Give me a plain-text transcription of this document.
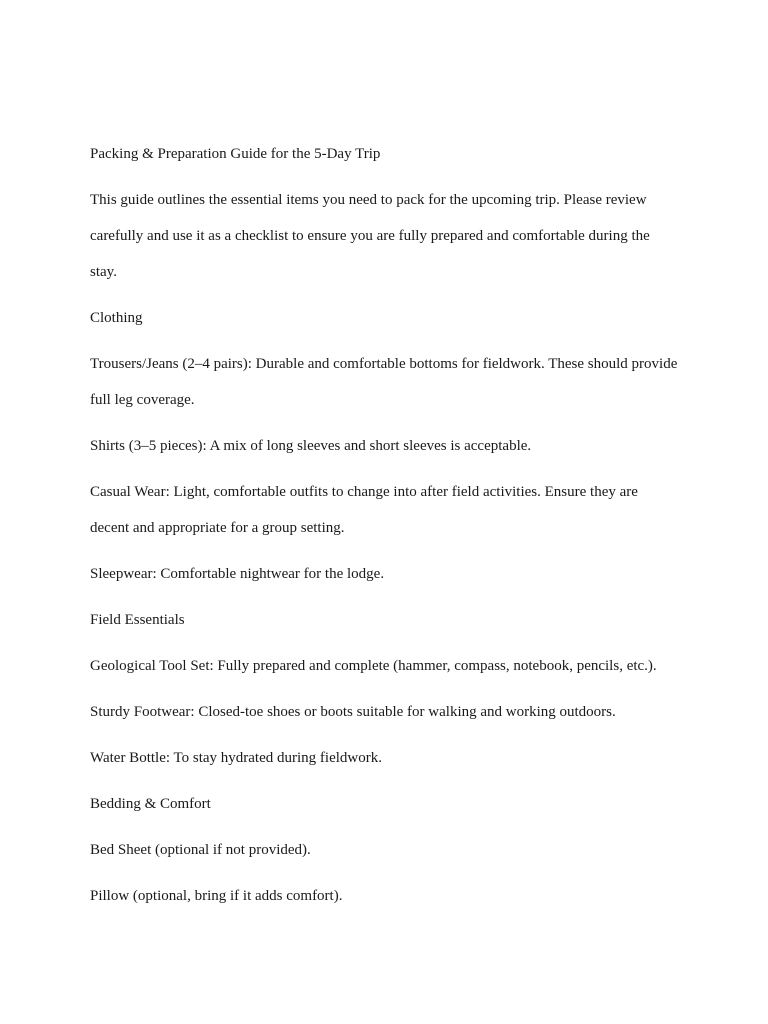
Packing & Preparation Guide for the 5-Day Trip

This guide outlines the essential items you need to pack for the upcoming trip. Please review carefully and use it as a checklist to ensure you are fully prepared and comfortable during the stay.

Clothing

Trousers/Jeans (2–4 pairs): Durable and comfortable bottoms for fieldwork. These should provide full leg coverage.

Shirts (3–5 pieces): A mix of long sleeves and short sleeves is acceptable.

Casual Wear: Light, comfortable outfits to change into after field activities. Ensure they are decent and appropriate for a group setting.

Sleepwear: Comfortable nightwear for the lodge.

Field Essentials

Geological Tool Set: Fully prepared and complete (hammer, compass, notebook, pencils, etc.).

Sturdy Footwear: Closed-toe shoes or boots suitable for walking and working outdoors.

Water Bottle: To stay hydrated during fieldwork.

Bedding & Comfort

Bed Sheet (optional if not provided).

Pillow (optional, bring if it adds comfort).
